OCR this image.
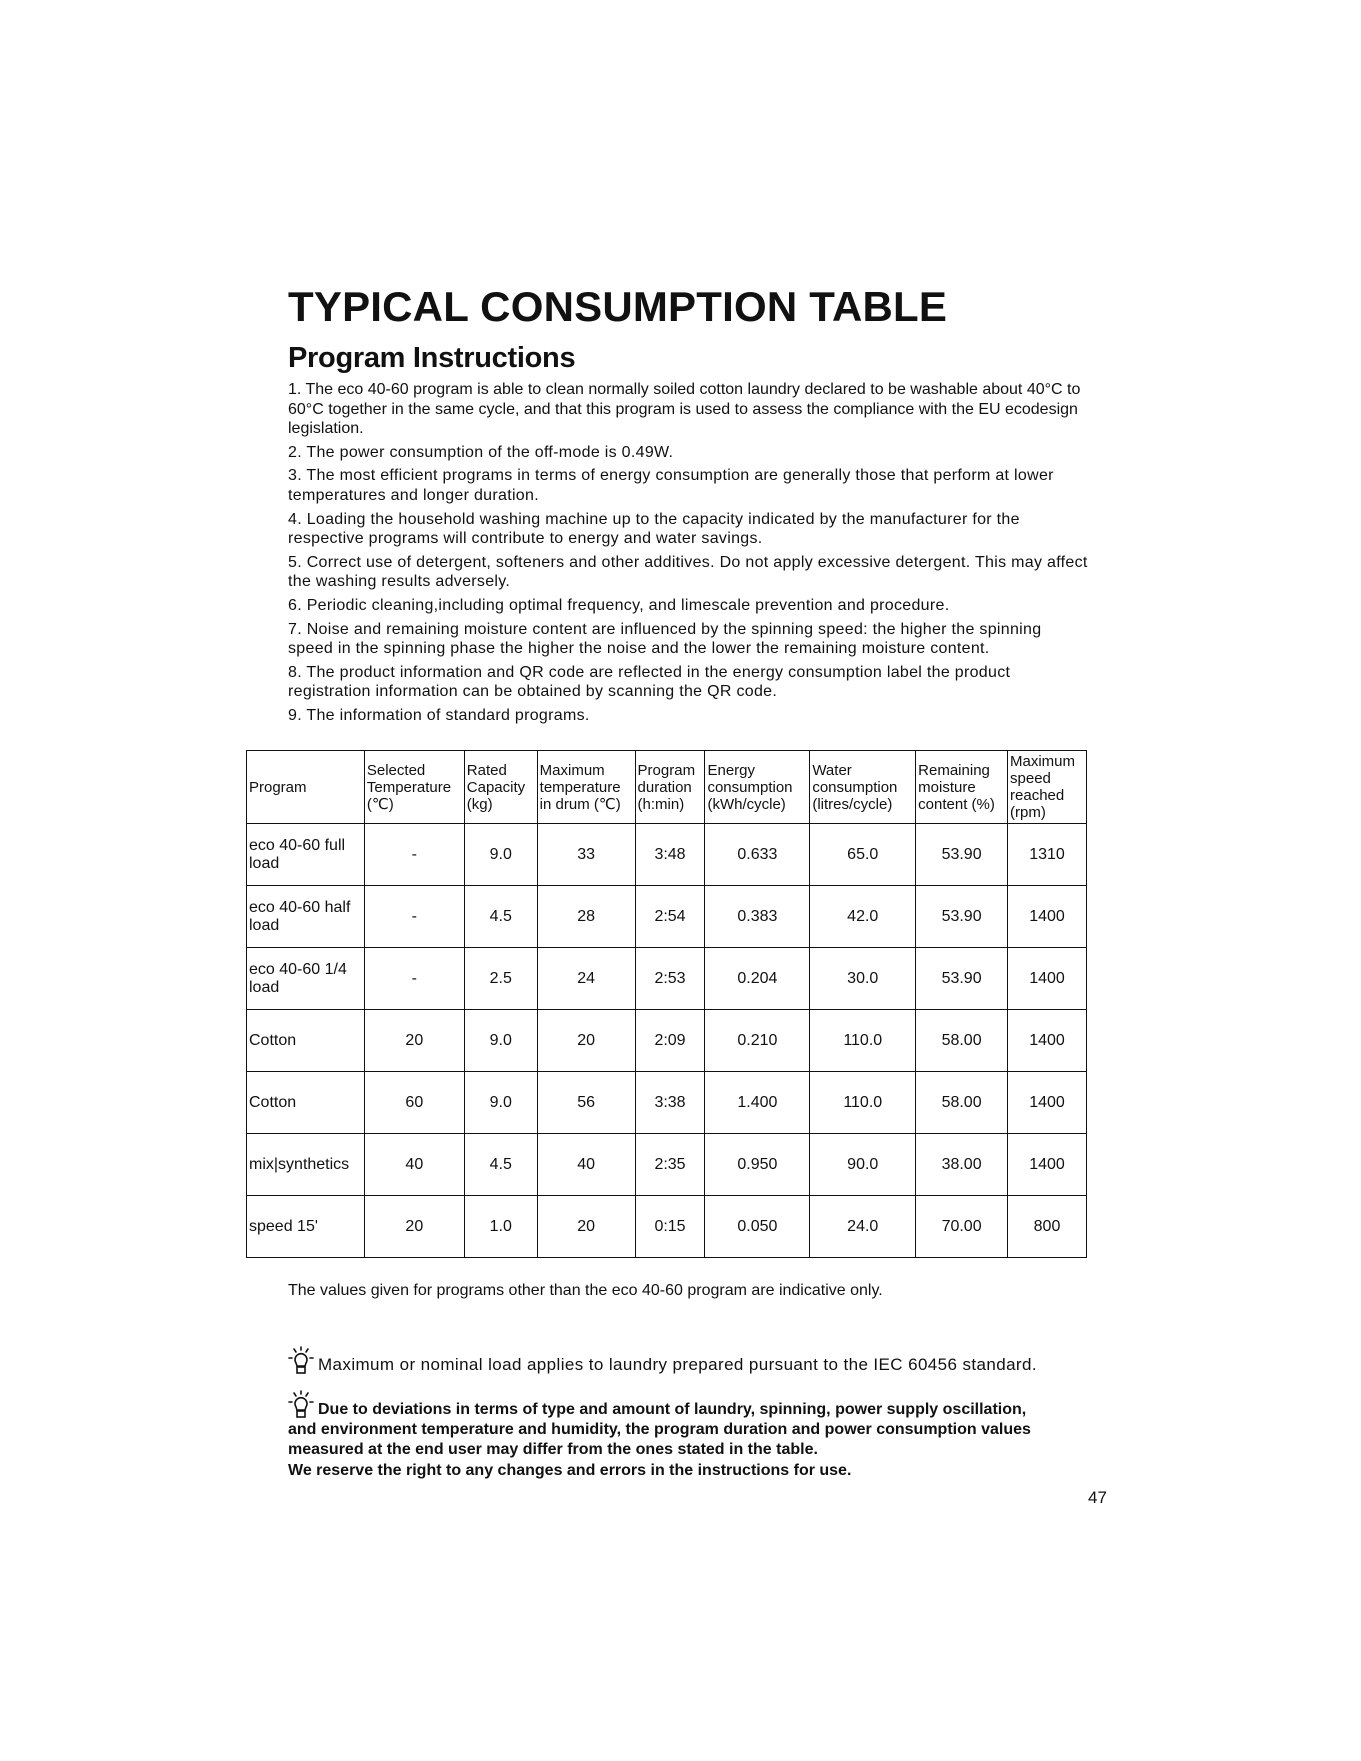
TYPICAL CONSUMPTION TABLE
Program Instructions

1. The eco 40-60 program is able to clean normally soiled cotton laundry declared to be washable about 40°C to 60°C together in the same cycle, and that this program is used to assess the compliance with the EU ecodesign legislation.

2. The power consumption of the off-mode is 0.49W.

3. The most efficient programs in terms of energy consumption are generally those that perform at lower temperatures and longer duration.

4. Loading the household washing machine up to the capacity indicated by the manufacturer for the respective programs will contribute to energy and water savings.

5. Correct use of detergent, softeners and other additives. Do not apply excessive detergent. This may affect the washing results adversely.

6. Periodic cleaning,including optimal frequency, and limescale prevention and procedure.

7. Noise and remaining moisture content are influenced by the spinning speed: the higher the spinning speed in the spinning phase the higher the noise and the lower the remaining moisture content.

8. The product information and QR code are reflected in the energy consumption label the product registration information can be obtained by scanning the QR code.

9. The information of standard programs.

Program	Selected Temperature (℃)	Rated Capacity (kg)	Maximum temperature in drum (℃)	Program duration (h:min)	Energy consumption (kWh/cycle)	Water consumption (litres/cycle)	Remaining moisture content (%)	Maximum speed reached (rpm)
eco 40-60 full load	-	9.0	33	3:48	0.633	65.0	53.90	1310
eco 40-60 half load	-	4.5	28	2:54	0.383	42.0	53.90	1400
eco 40-60 1/4 load	-	2.5	24	2:53	0.204	30.0	53.90	1400
Cotton	20	9.0	20	2:09	0.210	110.0	58.00	1400
Cotton	60	9.0	56	3:38	1.400	110.0	58.00	1400
mix|synthetics	40	4.5	40	2:35	0.950	90.0	38.00	1400
speed 15'	20	1.0	20	0:15	0.050	24.0	70.00	800
The values given for programs other than the eco 40-60 program are indicative only.
Maximum or nominal load applies to laundry prepared pursuant to the IEC 60456 standard.
Due to deviations in terms of type and amount of laundry, spinning, power supply oscillation, and environment temperature and humidity, the program duration and power consumption values measured at the end user may differ from the ones stated in the table.
We reserve the right to any changes and errors in the instructions for use.
47
